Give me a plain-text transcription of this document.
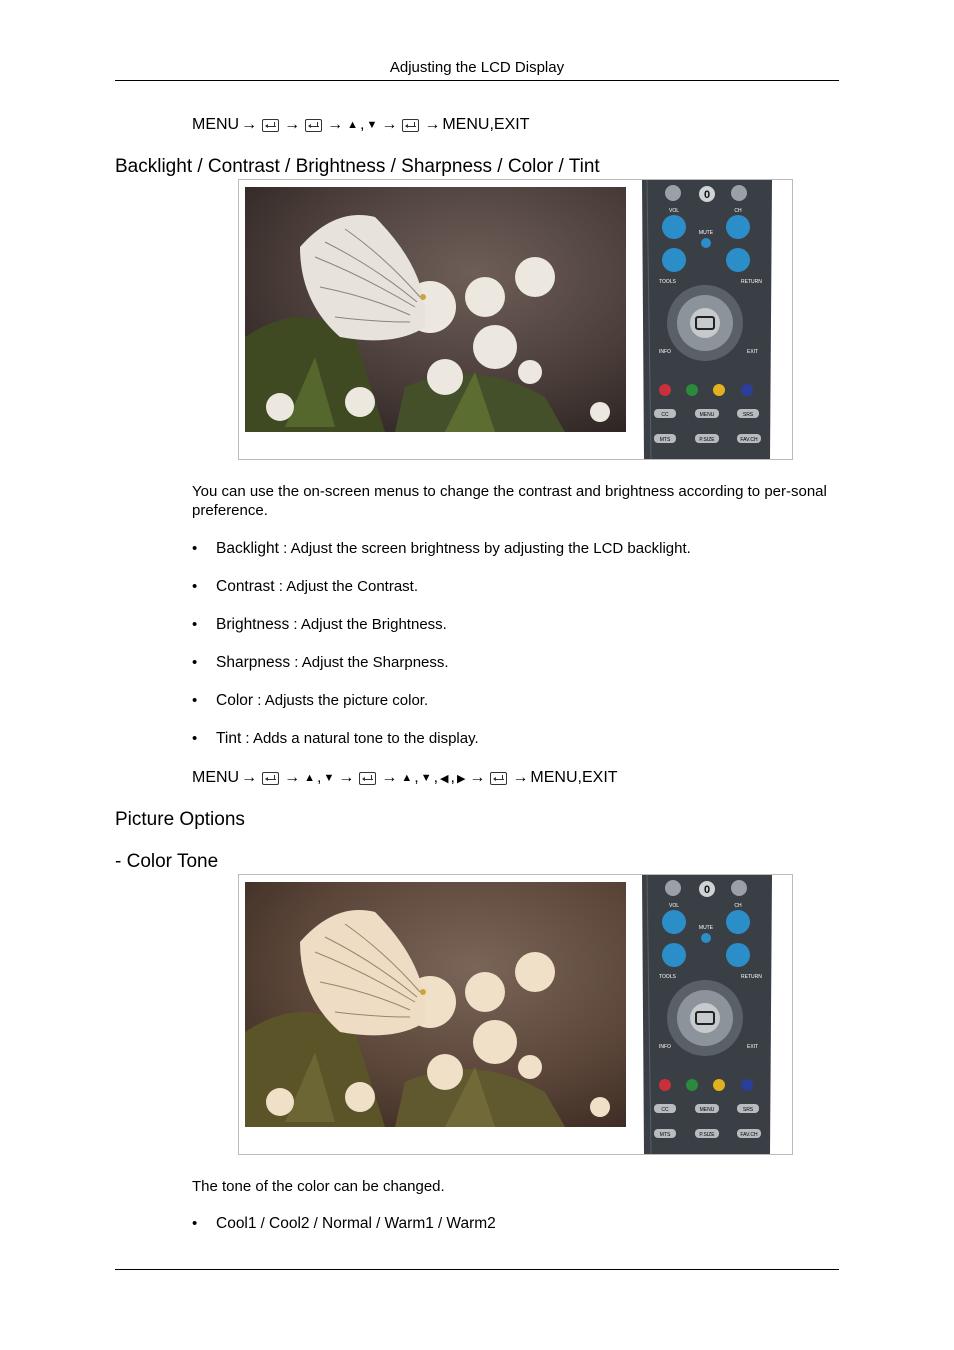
Adjusting the LCD Display
MENU → → → ▲ , ▼ → → MENU,EXIT
Backlight / Contrast / Brightness / Sharpness / Color / Tint
0
VOL	CH
MUTE
TOOLS	RETURN
INFO	EXIT
CC	MENU	SRS
MTS	P.SIZE	FAV.CH
You can use the on-screen menus to change the contrast and brightness according to per-sonal preference.
• Backlight : Adjust the screen brightness by adjusting the LCD backlight.
• Contrast : Adjust the Contrast.
• Brightness : Adjust the Brightness.
• Sharpness : Adjust the Sharpness.
• Color : Adjusts the picture color.
• Tint : Adds a natural tone to the display.
MENU → → ▲ , ▼ → → ▲ , ▼ , ◀ , ▶ → → MENU,EXIT
Picture Options
- Color Tone
0
VOL	CH
MUTE
TOOLS	RETURN
INFO	EXIT
CC	MENU	SRS
MTS	P.SIZE	FAV.CH
The tone of the color can be changed.
• Cool1 / Cool2 / Normal / Warm1 / Warm2
